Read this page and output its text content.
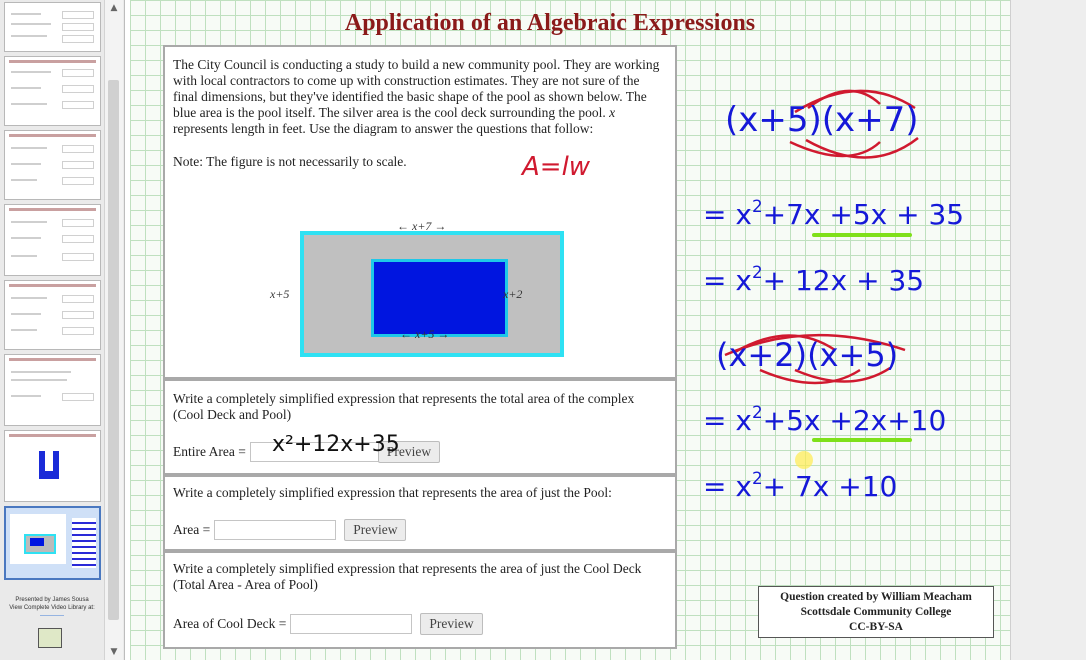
Presented by James Sousa
View Complete Video Library at:
————
▲
▼
Application of an Algebraic Expressions
The City Council is conducting a study to build a new community pool. They are working with local contractors to come up with construction estimates. They are not sure of the final dimensions, but they've identified the basic shape of the pool as shown below. The blue area is the pool itself. The silver area is the cool deck surrounding the pool. x represents length in feet. Use the diagram to answer the questions that follow:
Note: The figure is not necessarily to scale.
← x+7 →
x+5	x+2
← x+5 →
Write a completely simplified expression that represents the total area of the complex (Cool Deck and Pool)
Entire Area =	Preview
Write a completely simplified expression that represents the area of just the Pool:
Area =	Preview
Write a completely simplified expression that represents the area of just the Cool Deck (Total Area - Area of Pool)
Area of Cool Deck =	Preview
x²+12x+35
Question created by William Meacham
Scottsdale Community College
CC-BY-SA
A=lw
(x+5)(x+7)
= $x^2+7x +5x + 35$
= $x^2+ 12x + 35$
(x+2)(x+5)
= $x^2+5x +2x+10$
= $x^2+ 7x +10$
